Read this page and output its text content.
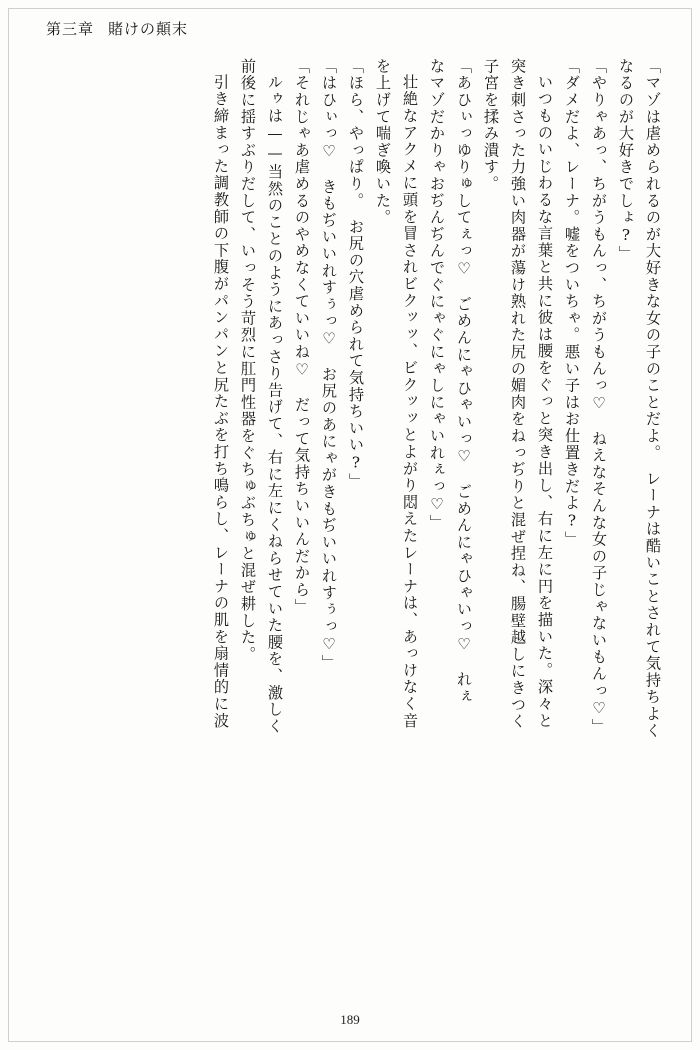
第三章 賭けの顛末
「マゾは虐められるのが大好きな女の子のことだよ。　レーナは酷いことされて気持ちよく
なるのが大好きでしょ?」
「やりゃあっ、ちがうもんっ、ちがうもんっ♡　ねえなそんな女の子じゃないもんっ♡」
「ダメだよ、レーナ。嘘をついちゃ。悪い子はお仕置きだよ?」
いつものいじわるな言葉と共に彼は腰をぐっと突き出し、右に左に円を描いた。深々と
突き刺さった力強い肉器が蕩け熟れた尻の媚肉をねっぢりと混ぜ捏ね、腸壁越しにきつく
子宮を揉み潰す。
「あひぃっゆりゅしてぇっ♡　ごめんにゃひゃいっ♡　ごめんにゃひゃいっ♡　れぇ
なマゾだかりゃおぢんぢんでぐにゃぐにゃしにゃいれぇっ♡」
壮絶なアクメに頭を冒されビクッッ、ビクッッとよがり悶えたレーナは、あっけなく音
を上げて喘ぎ喚いた。
「ほら、やっぱり。　お尻の穴虐められて気持ちいい?」
「はひぃっ♡　きもぢいいれすぅっ♡　お尻のあにゃがきもぢいいれすぅっ♡」
「それじゃあ虐めるのやめなくていいね♡　だって気持ちいいんだから」
ルゥは——当然のことのようにあっさり告げて、右に左にくねらせていた腰を、激しく
前後に揺すぶりだして、いっそう苛烈に肛門性器をぐちゅぶちゅと混ぜ耕した。
引き締まった調教師の下腹がパンパンと尻たぶを打ち鳴らし、レーナの肌を扇情的に波
189
